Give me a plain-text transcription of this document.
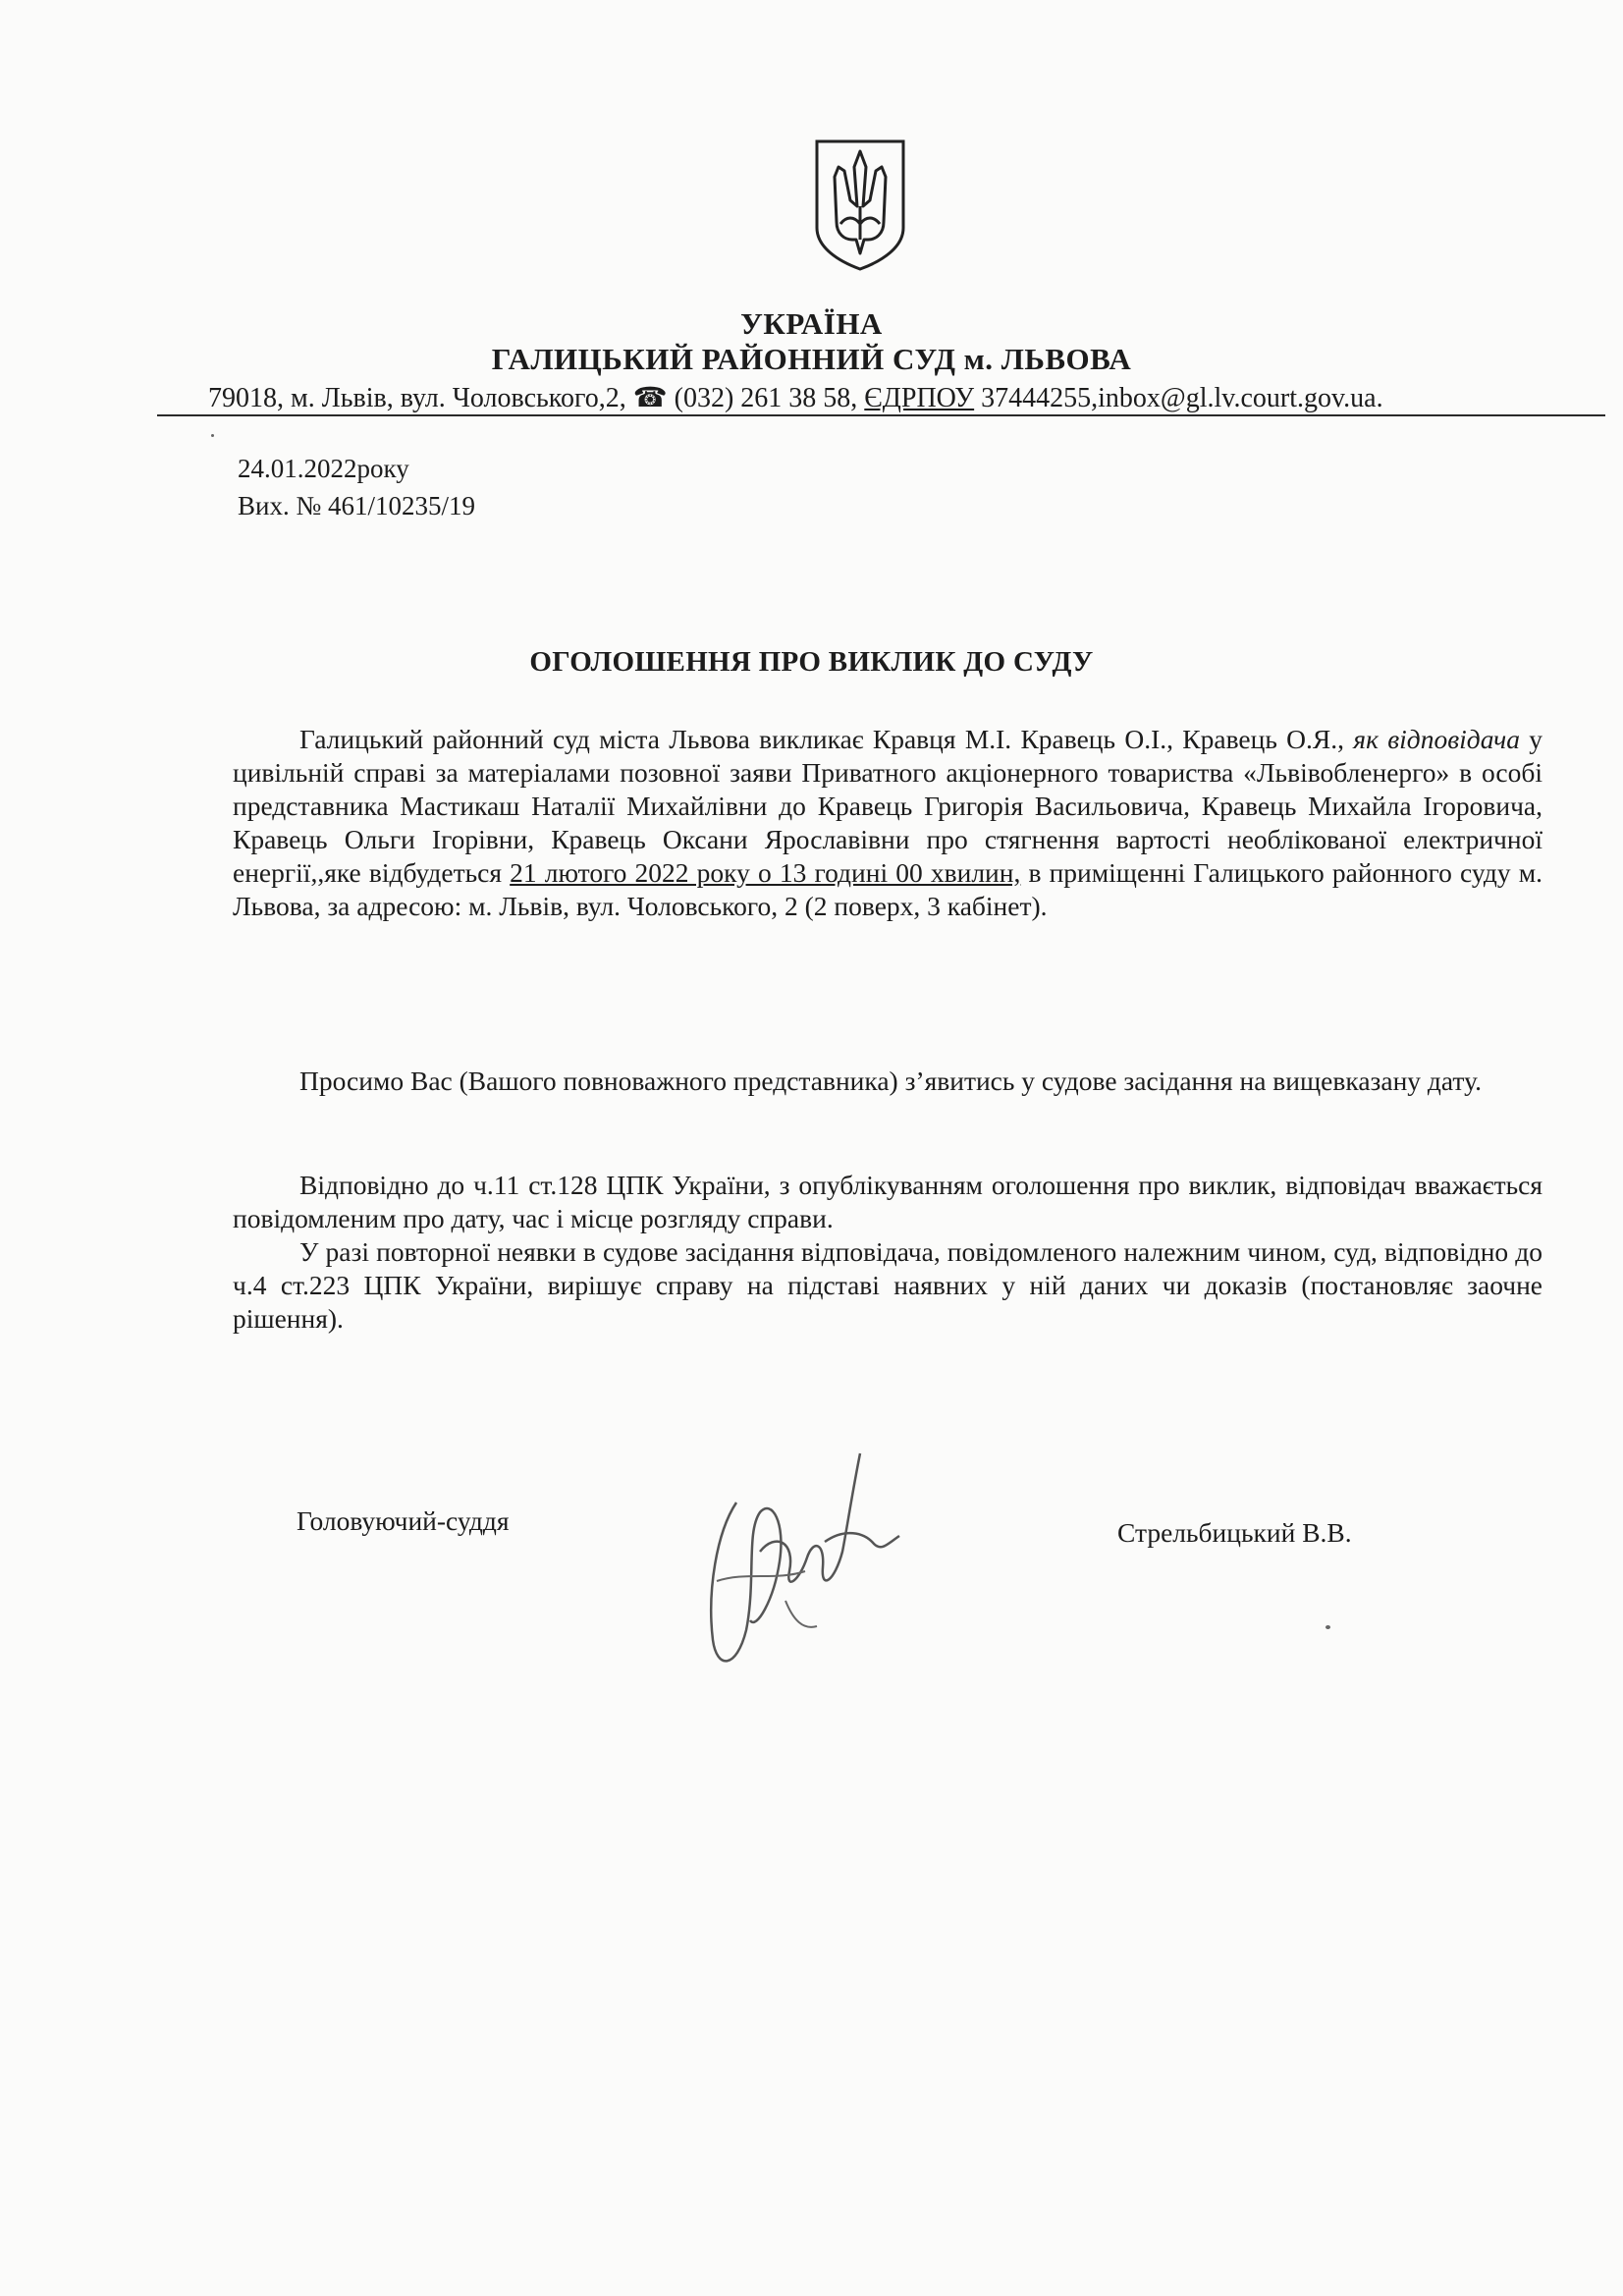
УКРАЇНА
ГАЛИЦЬКИЙ РАЙОННИЙ СУД м. ЛЬВОВА
79018, м. Львів, вул. Чоловського,2, ☎ (032) 261 38 58, ЄДРПОУ 37444255,inbox@gl.lv.court.gov.ua.
24.01.2022року
Вих. № 461/10235/19
ОГОЛОШЕННЯ ПРО ВИКЛИК ДО СУДУ
Галицький районний суд міста Львова викликає Кравця М.І. Кравець О.І., Кравець О.Я., як відповідача у цивільній справі за матеріалами позовної заяви Приватного акціонерного товариства «Львівобленерго» в особі представника Мастикаш Наталії Михайлівни до Кравець Григорія Васильовича, Кравець Михайла Ігоровича, Кравець Ольги Ігорівни, Кравець Оксани Ярославівни про стягнення вартості необлікованої електричної енергії,,яке відбудеться 21 лютого 2022 року о 13 годині 00 хвилин, в приміщенні Галицького районного суду м. Львова, за адресою: м. Львів, вул. Чоловського, 2 (2 поверх, 3 кабінет).
Просимо Вас (Вашого повноважного представника) з’явитись у судове засідання на вищевказану дату.
Відповідно до ч.11 ст.128 ЦПК України, з опублікуванням оголошення про виклик, відповідач вважається повідомленим про дату, час і місце розгляду справи.
У разі повторної неявки в судове засідання відповідача, повідомленого належним чином, суд, відповідно до ч.4 ст.223 ЦПК України, вирішує справу на підставі наявних у ній даних чи доказів (постановляє заочне рішення).
Головуючий-суддя	Стрельбицький В.В.
